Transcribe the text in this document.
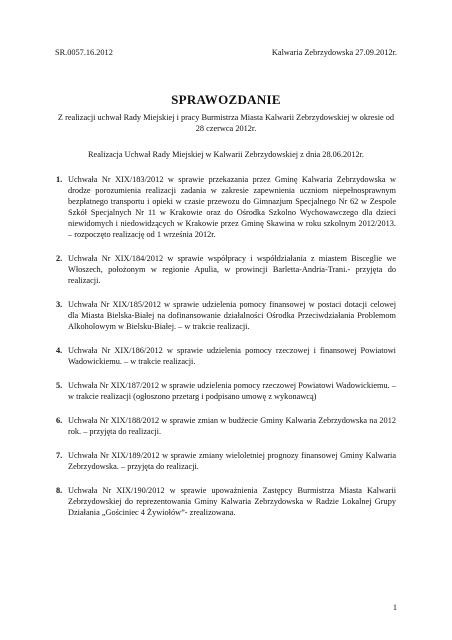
SR.0057.16.2012	Kalwaria Zebrzydowska 27.09.2012r.
SPRAWOZDANIE
Z realizacji uchwał Rady Miejskiej i pracy Burmistrza Miasta Kalwarii Zebrzydowskiej w okresie od 28 czerwca 2012r.
Realizacja Uchwał Rady Miejskiej w Kalwarii Zebrzydowskiej z dnia 28.06.2012r.
1. Uchwała Nr XIX/183/2012 w sprawie przekazania przez Gminę Kalwaria Zebrzydowska w drodze porozumienia realizacji zadania w zakresie zapewnienia uczniom niepełnosprawnym bezpłatnego transportu i opieki w czasie przewozu do Gimnazjum Specjalnego Nr 62 w Zespole Szkół Specjalnych Nr 11 w Krakowie oraz do Ośrodka Szkolno Wychowawczego dla dzieci niewidomych i niedowidzących w Krakowie przez Gminę Skawina w roku szkolnym 2012/2013. – rozpoczęto realizację od 1 września 2012r.
2. Uchwała Nr XIX/184/2012 w sprawie współpracy i współdziałania z miastem Bisceglie we Włoszech, położonym w regionie Apulia, w prowincji Barletta-Andria-Trani.- przyjęta do realizacji.
3. Uchwała Nr XIX/185/2012 w sprawie udzielenia pomocy finansowej w postaci dotacji celowej dla Miasta Bielska-Białej na dofinansowanie działalności Ośrodka Przeciwdziałania Problemom Alkoholowym w Bielsku-Białej. – w trakcie realizacji.
4. Uchwała Nr XIX/186/2012 w sprawie udzielenia pomocy rzeczowej i finansowej Powiatowi Wadowickiemu. – w trakcie realizacji.
5. Uchwała Nr XIX/187/2012 w sprawie udzielenia pomocy rzeczowej Powiatowi Wadowickiemu. – w trakcie realizacji (ogłoszono przetarg i podpisano umowę z wykonawcą)
6. Uchwała Nr XIX/188/2012 w sprawie zmian w budżecie Gminy Kalwaria Zebrzydowska na 2012 rok. – przyjęta do realizacji.
7. Uchwała Nr XIX/189/2012 w sprawie zmiany wieloletniej prognozy finansowej Gminy Kalwaria Zebrzydowska. – przyjęta do realizacji.
8. Uchwała Nr XIX/190/2012 w sprawie upoważnienia Zastępcy Burmistrza Miasta Kalwarii Zebrzydowskiej do reprezentowania Gminy Kalwaria Zebrzydowska w Radzie Lokalnej Grupy Działania „Gościniec 4 Żywiołów”- zrealizowana.
1
